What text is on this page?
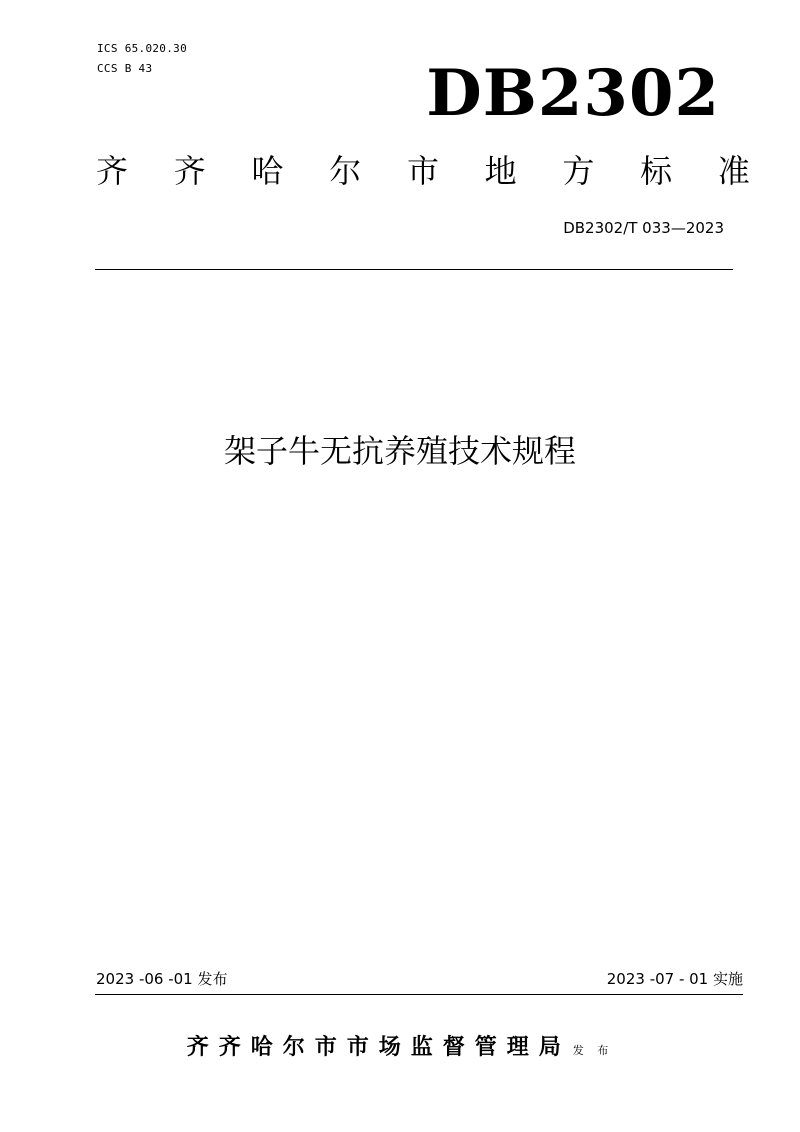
ICS 65.020.30
CCS B 43	DB2302
齐 齐 哈 尔 市 地 方 标 准
DB2302/T 033—2023
架子牛无抗养殖技术规程
2023 -06 -01 发布	2023 -07 - 01 实施
齐齐哈尔市市场监督管理局 发 布
